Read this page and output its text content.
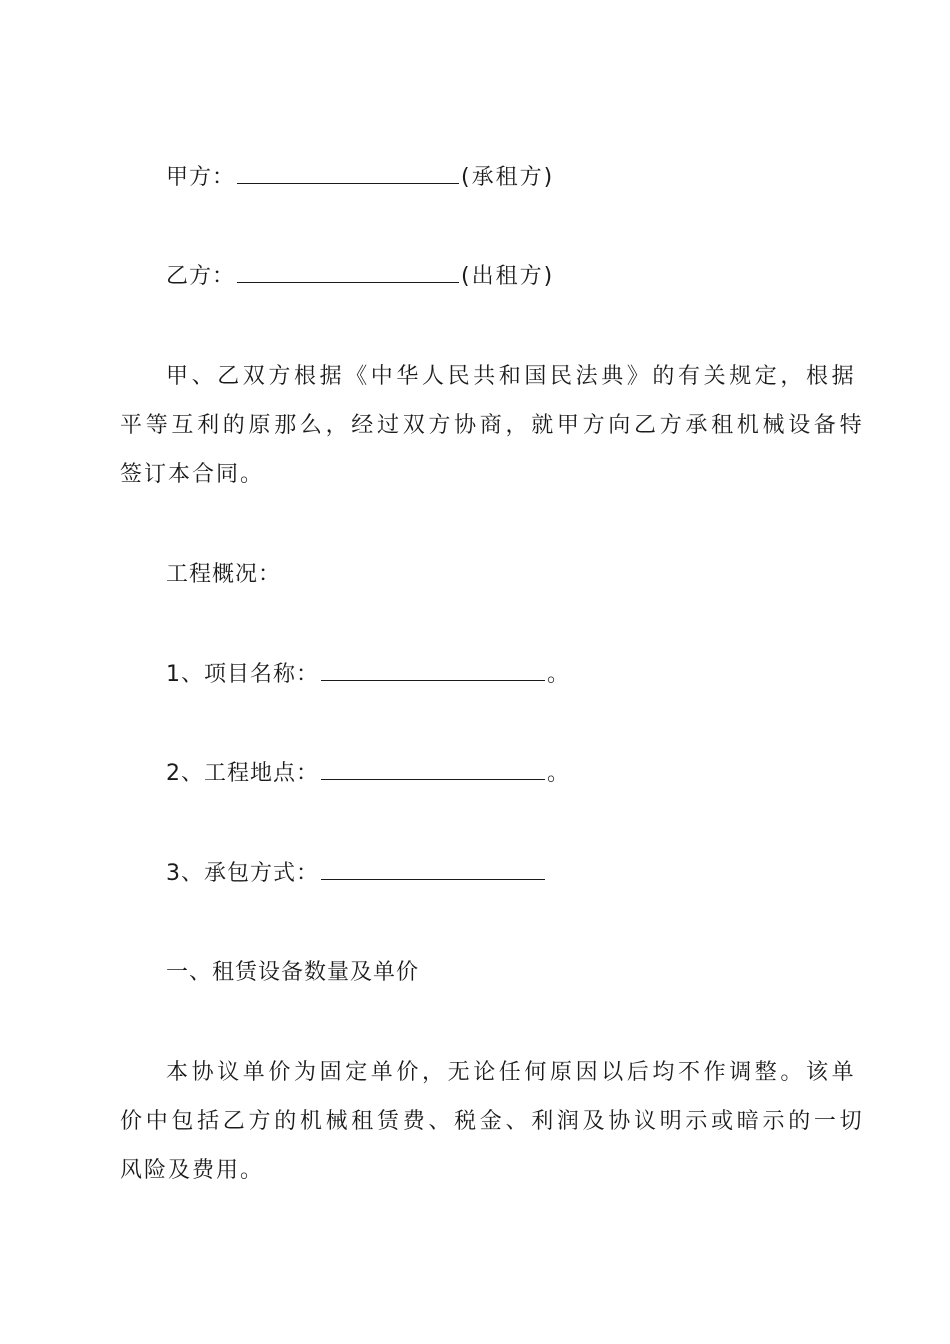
甲方：	(承租方)
乙方：	(出租方)
甲、乙双方根据《中华人民共和国民法典》的有关规定，根据
平等互利的原那么，经过双方协商，就甲方向乙方承租机械设备特
签订本合同。
工程概况：
1、项目名称：	。
2、工程地点：	。
3、承包方式：
一、租赁设备数量及单价
本协议单价为固定单价，无论任何原因以后均不作调整。该单
价中包括乙方的机械租赁费、税金、利润及协议明示或暗示的一切
风险及费用。
